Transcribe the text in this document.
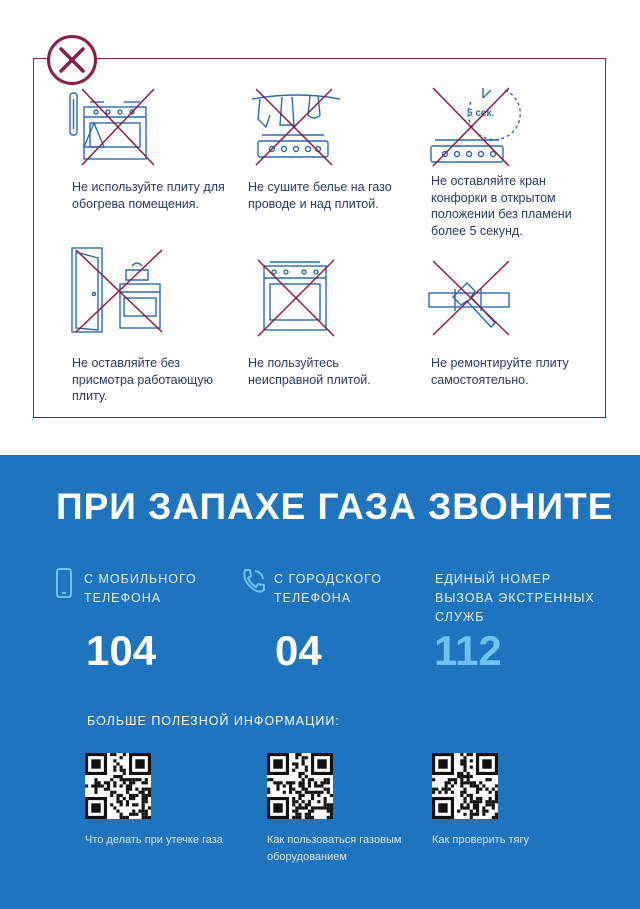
Не используйте плиту для обогрева помещения.
Не сушите белье на газо проводе и над плитой.
5 сек.
Не оставляйте кран конфорки в открытом положении без пламени более 5 секунд.
Не оставляйте без присмотра работающую плиту.
Не пользуйтесь неисправной плитой.
Не ремонтируйте плиту самостоятельно.
ПРИ ЗАПАХЕ ГАЗА ЗВОНИТЕ
С МОБИЛЬНОГО ТЕЛЕФОНА
С ГОРОДСКОГО ТЕЛЕФОНА
ЕДИНЫЙ НОМЕР ВЫЗОВА ЭКСТРЕННЫХ СЛУЖБ
104	04	112
БОЛЬШЕ ПОЛЕЗНОЙ ИНФОРМАЦИИ:
Что делать при утечке газа	Как пользоваться газовым оборудованием
Как проверить тягу
